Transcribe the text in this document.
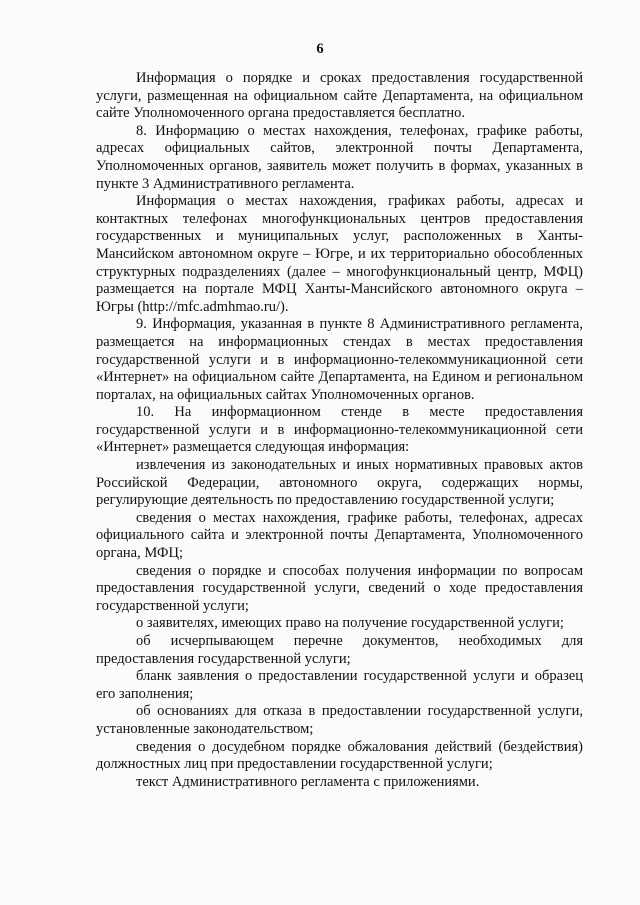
6

Информация о порядке и сроках предоставления государственной услуги, размещенная на официальном сайте Департамента, на официальном сайте Уполномоченного органа предоставляется бесплатно.

8. Информацию о местах нахождения, телефонах, графике работы, адресах официальных сайтов, электронной почты Департамента, Уполномоченных органов, заявитель может получить в формах, указанных в пункте 3 Административного регламента.

Информация о местах нахождения, графиках работы, адресах и контактных телефонах многофункциональных центров предоставления государственных и муниципальных услуг, расположенных в Ханты-Мансийском автономном округе – Югре, и их территориально обособленных структурных подразделениях (далее – многофункциональный центр, МФЦ) размещается на портале МФЦ Ханты-Мансийского автономного округа – Югры (http://mfc.admhmao.ru/).

9. Информация, указанная в пункте 8 Административного регламента, размещается на информационных стендах в местах предоставления государственной услуги и в информационно-телекоммуникационной сети «Интернет» на официальном сайте Департамента, на Едином и региональном порталах, на официальных сайтах Уполномоченных органов.

10. На информационном стенде в месте предоставления государственной услуги и в информационно-телекоммуникационной сети «Интернет» размещается следующая информация:

извлечения из законодательных и иных нормативных правовых актов Российской Федерации, автономного округа, содержащих нормы, регулирующие деятельность по предоставлению государственной услуги;

сведения о местах нахождения, графике работы, телефонах, адресах официального сайта и электронной почты Департамента, Уполномоченного органа, МФЦ;

сведения о порядке и способах получения информации по вопросам предоставления государственной услуги, сведений о ходе предоставления государственной услуги;

о заявителях, имеющих право на получение государственной услуги;

об исчерпывающем перечне документов, необходимых для предоставления государственной услуги;

бланк заявления о предоставлении государственной услуги и образец его заполнения;

об основаниях для отказа в предоставлении государственной услуги, установленные законодательством;

сведения о досудебном порядке обжалования действий (бездействия) должностных лиц при предоставлении государственной услуги;

текст Административного регламента с приложениями.
